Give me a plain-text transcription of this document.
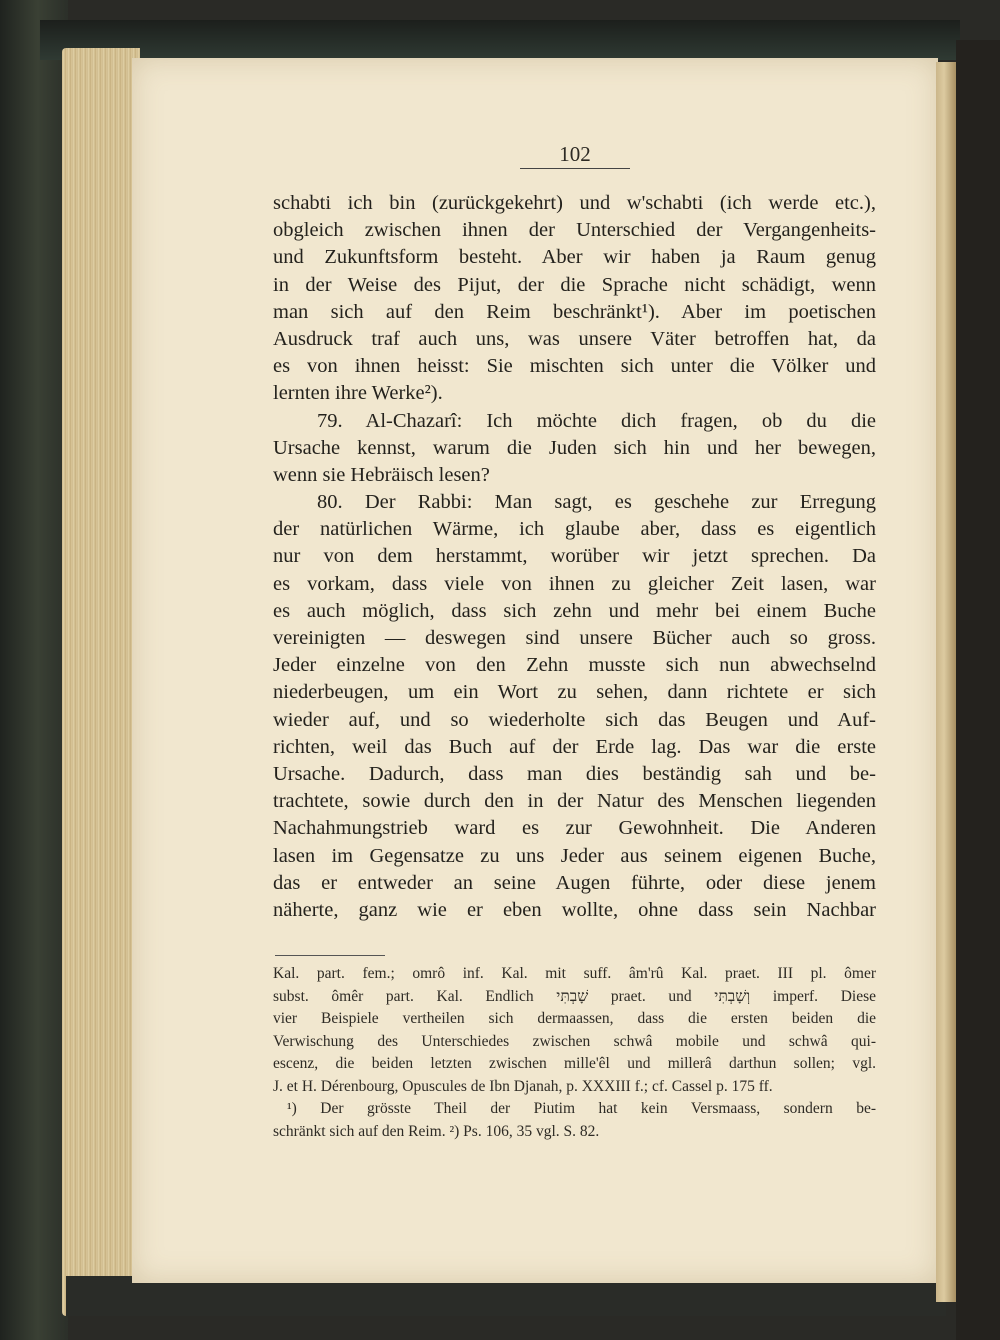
102
schabti ich bin (zurückgekehrt) und w'schabti (ich werde etc.),
obgleich zwischen ihnen der Unterschied der Vergangenheits-
und Zukunftsform besteht. Aber wir haben ja Raum genug
in der Weise des Pijut, der die Sprache nicht schädigt, wenn
man sich auf den Reim beschränkt¹). Aber im poetischen
Ausdruck traf auch uns, was unsere Väter betroffen hat, da
es von ihnen heisst: Sie mischten sich unter die Völker und
lernten ihre Werke²).
79. Al-Chazarî: Ich möchte dich fragen, ob du die
Ursache kennst, warum die Juden sich hin und her bewegen,
wenn sie Hebräisch lesen?
80. Der Rabbi: Man sagt, es geschehe zur Erregung
der natürlichen Wärme, ich glaube aber, dass es eigentlich
nur von dem herstammt, worüber wir jetzt sprechen. Da
es vorkam, dass viele von ihnen zu gleicher Zeit lasen, war
es auch möglich, dass sich zehn und mehr bei einem Buche
vereinigten — deswegen sind unsere Bücher auch so gross.
Jeder einzelne von den Zehn musste sich nun abwechselnd
niederbeugen, um ein Wort zu sehen, dann richtete er sich
wieder auf, und so wiederholte sich das Beugen und Auf-
richten, weil das Buch auf der Erde lag. Das war die erste
Ursache. Dadurch, dass man dies beständig sah und be-
trachtete, sowie durch den in der Natur des Menschen liegenden
Nachahmungstrieb ward es zur Gewohnheit. Die Anderen
lasen im Gegensatze zu uns Jeder aus seinem eigenen Buche,
das er entweder an seine Augen führte, oder diese jenem
näherte, ganz wie er eben wollte, ohne dass sein Nachbar
Kal. part. fem.; omrô inf. Kal. mit suff. âm'rû Kal. praet. III pl. ômer
subst. ômêr part. Kal. Endlich שָׁבְתִּי praet. und וְשָׁבְתִּי imperf. Diese
vier Beispiele vertheilen sich dermaassen, dass die ersten beiden die
Verwischung des Unterschiedes zwischen schwâ mobile und schwâ qui-
escenz, die beiden letzten zwischen mille'êl und millerâ darthun sollen; vgl.
J. et H. Dérenbourg, Opuscules de Ibn Djanah, p. XXXIII f.; cf. Cassel p. 175 ff.
¹) Der grösste Theil der Piutim hat kein Versmaass, sondern be-
schränkt sich auf den Reim. ²) Ps. 106, 35 vgl. S. 82.
